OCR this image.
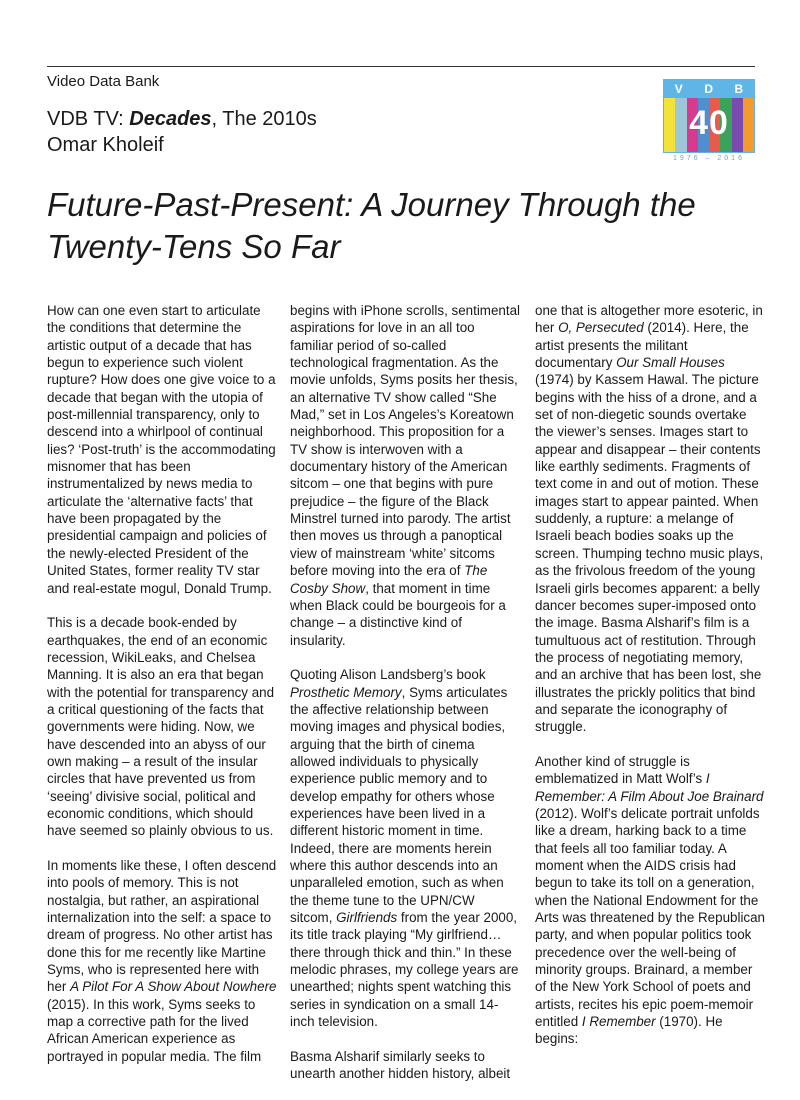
Video Data Bank
VDB TV: Decades, The 2010s
Omar Kholeif
V D B
40
1976 – 2016
Future-Past-Present: A Journey Through the Twenty-Tens So Far

How can one even start to articulate the conditions that determine the artistic output of a decade that has begun to experience such violent rupture? How does one give voice to a decade that began with the utopia of post-millennial transparency, only to descend into a whirlpool of continual lies? ‘Post-truth’ is the accommodating misnomer that has been instrumentalized by news media to articulate the ‘alternative facts’ that have been propagated by the presidential campaign and policies of the newly-elected President of the United States, former reality TV star and real-estate mogul, Donald Trump.

This is a decade book-ended by earthquakes, the end of an economic recession, WikiLeaks, and Chelsea Manning. It is also an era that began with the potential for transparency and a critical questioning of the facts that governments were hiding. Now, we have descended into an abyss of our own making – a result of the insular circles that have prevented us from ‘seeing’ divisive social, political and economic conditions, which should have seemed so plainly obvious to us.

In moments like these, I often descend into pools of memory. This is not nostalgia, but rather, an aspirational internalization into the self: a space to dream of progress. No other artist has done this for me recently like Martine Syms, who is represented here with her A Pilot For A Show About Nowhere (2015). In this work, Syms seeks to map a corrective path for the lived African American experience as portrayed in popular media. The film

begins with iPhone scrolls, sentimental aspirations for love in an all too familiar period of so-called technological fragmentation. As the movie unfolds, Syms posits her thesis, an alternative TV show called “She Mad,” set in Los Angeles’s Koreatown neighborhood. This proposition for a TV show is interwoven with a documentary history of the American sitcom – one that begins with pure prejudice – the figure of the Black Minstrel turned into parody. The artist then moves us through a panoptical view of mainstream ‘white’ sitcoms before moving into the era of The Cosby Show, that moment in time when Black could be bourgeois for a change – a distinctive kind of insularity.

Quoting Alison Landsberg’s book Prosthetic Memory, Syms articulates the affective relationship between moving images and physical bodies, arguing that the birth of cinema allowed individuals to physically experience public memory and to develop empathy for others whose experiences have been lived in a different historic moment in time. Indeed, there are moments herein where this author descends into an unparalleled emotion, such as when the theme tune to the UPN/CW sitcom, Girlfriends from the year 2000, its title track playing “My girlfriend… there through thick and thin.” In these melodic phrases, my college years are unearthed; nights spent watching this series in syndication on a small 14-inch television.

Basma Alsharif similarly seeks to unearth another hidden history, albeit

one that is altogether more esoteric, in her O, Persecuted (2014). Here, the artist presents the militant documentary Our Small Houses (1974) by Kassem Hawal. The picture begins with the hiss of a drone, and a set of non-diegetic sounds overtake the viewer’s senses. Images start to appear and disappear – their contents like earthly sediments. Fragments of text come in and out of motion. These images start to appear painted. When suddenly, a rupture: a melange of Israeli beach bodies soaks up the screen. Thumping techno music plays, as the frivolous freedom of the young Israeli girls becomes apparent: a belly dancer becomes super-imposed onto the image. Basma Alsharif’s film is a tumultuous act of restitution. Through the process of negotiating memory, and an archive that has been lost, she illustrates the prickly politics that bind and separate the iconography of struggle.

Another kind of struggle is emblematized in Matt Wolf’s I Remember: A Film About Joe Brainard (2012). Wolf’s delicate portrait unfolds like a dream, harking back to a time that feels all too familiar today. A moment when the AIDS crisis had begun to take its toll on a generation, when the National Endowment for the Arts was threatened by the Republican party, and when popular politics took precedence over the well-being of minority groups. Brainard, a member of the New York School of poets and artists, recites his epic poem-memoir entitled I Remember (1970). He begins:
